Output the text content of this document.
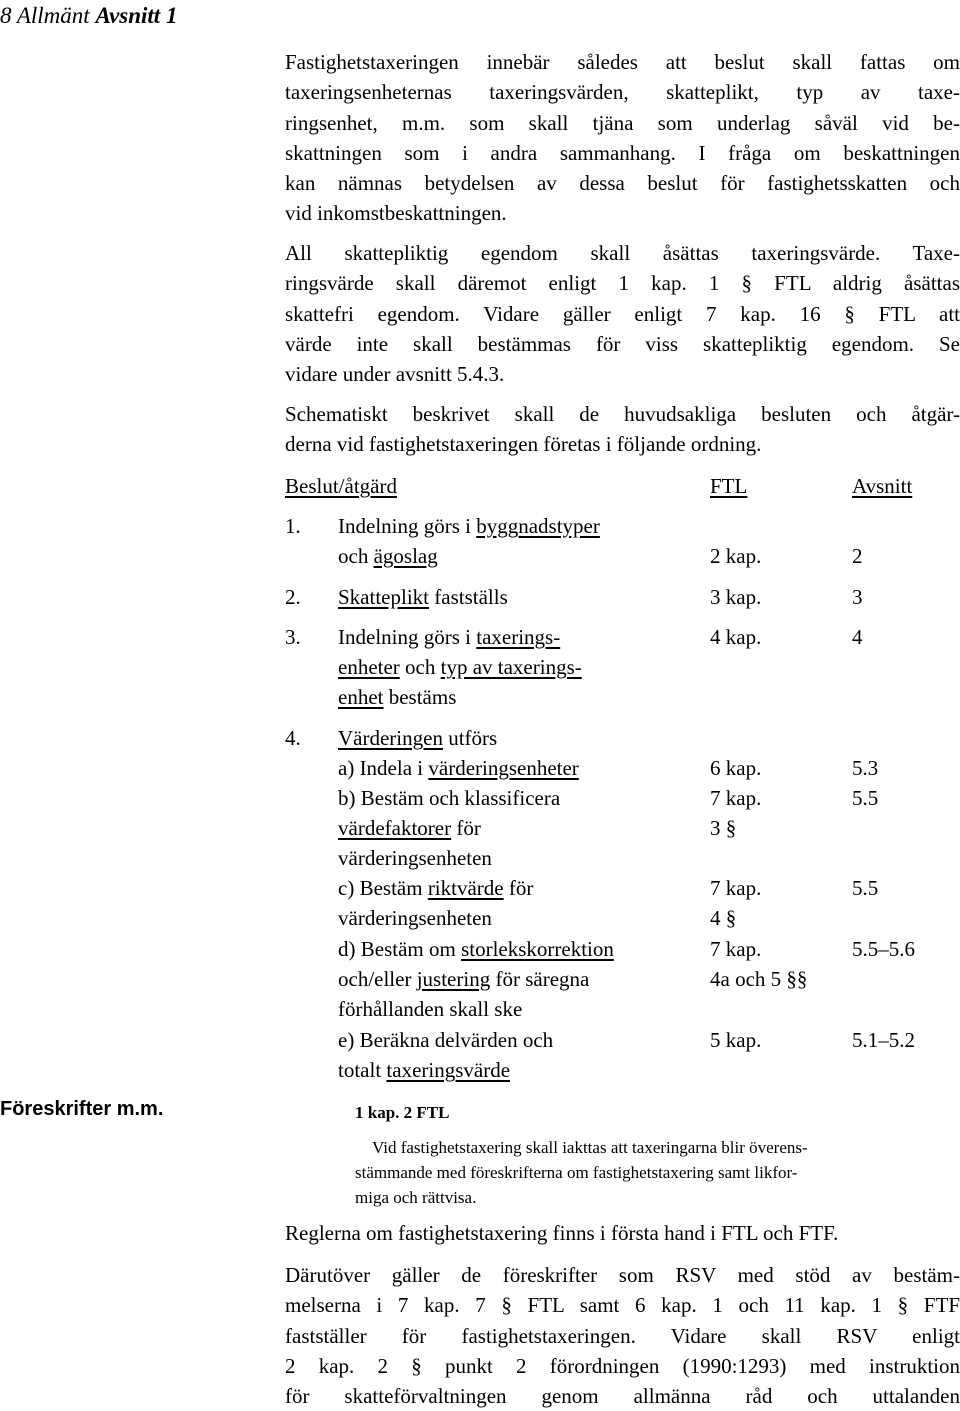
8 Allmänt Avsnitt 1
Föreskrifter m.m.

Fastighetstaxeringen innebär således att beslut skall fattas om
taxeringsenheternas taxeringsvärden, skatteplikt, typ av taxe-
ringsenhet, m.m. som skall tjäna som underlag såväl vid be-
skattningen som i andra sammanhang. I fråga om beskattningen
kan nämnas betydelsen av dessa beslut för fastighetsskatten och
vid inkomstbeskattningen.

All skattepliktig egendom skall åsättas taxeringsvärde. Taxe-
ringsvärde skall däremot enligt 1 kap. 1 § FTL aldrig åsättas
skattefri egendom. Vidare gäller enligt 7 kap. 16 § FTL att
värde inte skall bestämmas för viss skattepliktig egendom. Se
vidare under avsnitt 5.4.3.

Schematiskt beskrivet skall de huvudsakliga besluten och åtgär-
derna vid fastighetstaxeringen företas i följande ordning.

Beslut/åtgärd	FTL	Avsnitt
1. Indelning görs i byggnadstyper
och ägoslag	2 kap.	2
2. Skatteplikt fastställs	3 kap.	3
3. Indelning görs i taxerings-	4 kap.	4
enheter och typ av taxerings-
enhet bestäms
4. Värderingen utförs
a) Indela i värderingsenheter	6 kap.	5.3
b) Bestäm och klassificera	7 kap.	5.5
värdefaktorer för	3 §
värderingsenheten
c) Bestäm riktvärde för	7 kap.	5.5
värderingsenheten	4 §
d) Bestäm om storlekskorrektion	7 kap.	5.5–5.6
och/eller justering för säregna	4a och 5 §§
förhållanden skall ske
e) Beräkna delvärden och	5 kap.	5.1–5.2
totalt taxeringsvärde
1 kap. 2 FTL
Vid fastighetstaxering skall iakttas att taxeringarna blir överens-
stämmande med föreskrifterna om fastighetstaxering samt likfor-
miga och rättvisa.

Reglerna om fastighetstaxering finns i första hand i FTL och FTF.

Därutöver gäller de föreskrifter som RSV med stöd av bestäm-
melserna i 7 kap. 7 § FTL samt 6 kap. 1 och 11 kap. 1 § FTF
fastställer för fastighetstaxeringen. Vidare skall RSV enligt
2 kap. 2 § punkt 2 förordningen (1990:1293) med instruktion
för skatteförvaltningen genom allmänna råd och uttalanden
